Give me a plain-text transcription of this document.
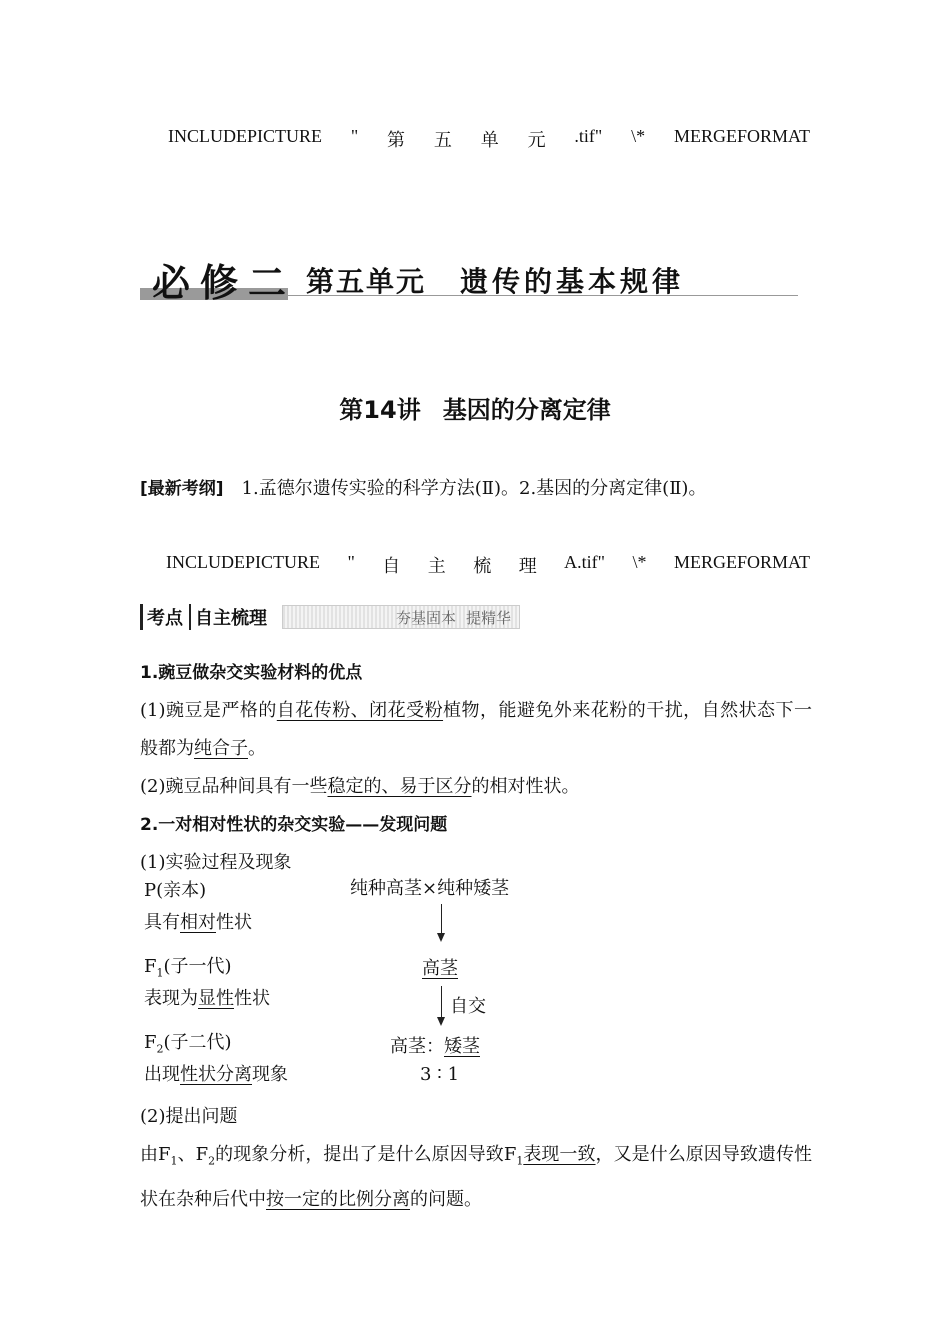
INCLUDEPICTURE " 第 五 单 元 .tif" \* MERGEFORMAT
必修二 第五单元 遗传的基本规律
第14讲 基因的分离定律
[最新考纲] 1.孟德尔遗传实验的科学方法(Ⅱ)。2.基因的分离定律(Ⅱ)。
INCLUDEPICTURE " 自 主 梳 理 A.tif" \* MERGEFORMAT
考点 自主梳理	夯基固本 提精华
1.豌豆做杂交实验材料的优点
(1)豌豆是严格的自花传粉、闭花受粉植物，能避免外来花粉的干扰，自然状态下一般都为纯合子。
(2)豌豆品种间具有一些稳定的、易于区分的相对性状。
2.一对相对性状的杂交实验——发现问题
(1)实验过程及现象
P(亲本)
具有相对性状
$F_1$(子一代)
表现为显性性状
$F_2$(子二代)
出现性状分离现象
纯种高茎×纯种矮茎
高茎
自交
高茎：矮茎
3 ∶ 1
(2)提出问题
由$F_1$、$F_2$的现象分析，提出了是什么原因导致$F_1$表现一致，又是什么原因导致遗传性状在杂种后代中按一定的比例分离的问题。
